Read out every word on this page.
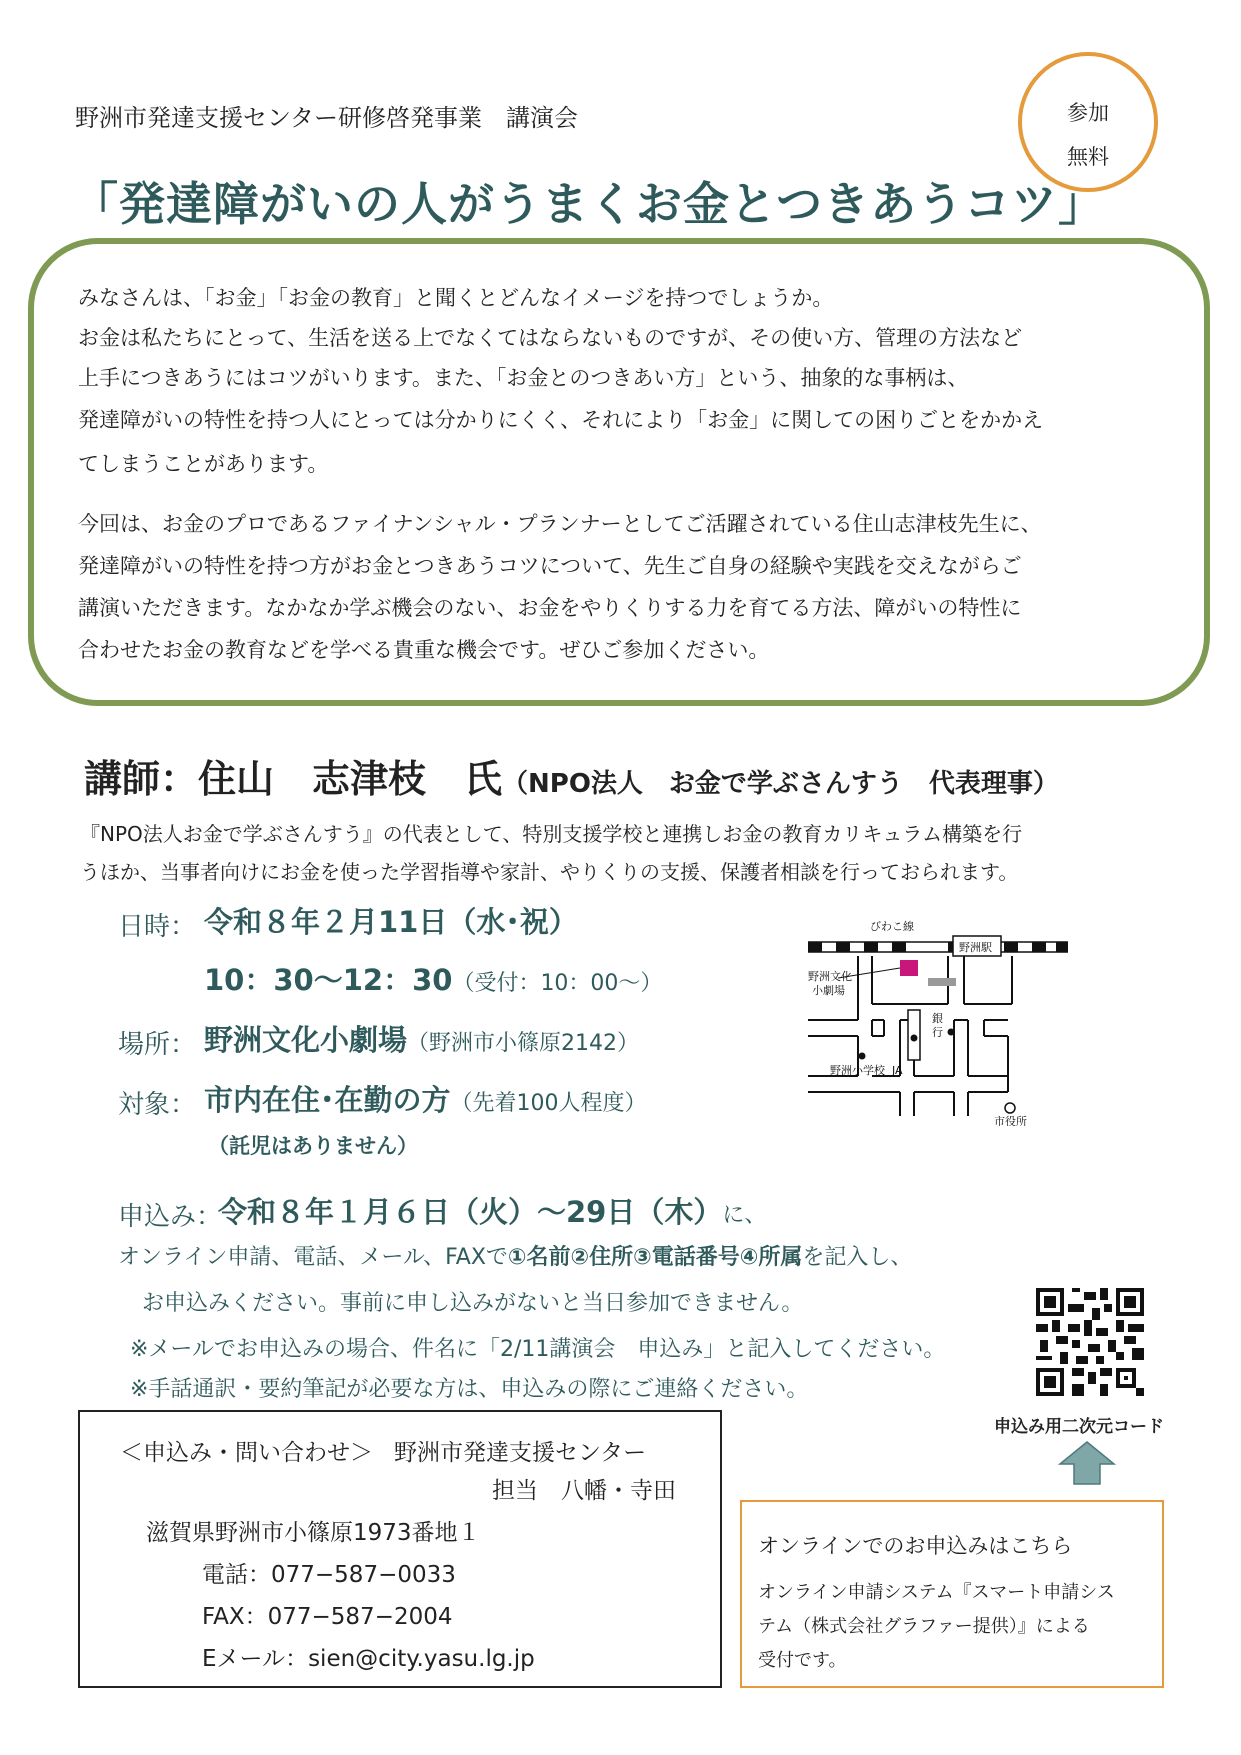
野洲市発達支援センター研修啓発事業　講演会
「発達障がいの人がうまくお金とつきあうコツ」
参加
無料
みなさんは、「お金」「お金の教育」と聞くとどんなイメージを持つでしょうか。
お金は私たちにとって、生活を送る上でなくてはならないものですが、その使い方、管理の方法など
上手につきあうにはコツがいります。また、「お金とのつきあい方」という、抽象的な事柄は、
発達障がいの特性を持つ人にとっては分かりにくく、それにより「お金」に関しての困りごとをかかえ
てしまうことがあります。
今回は、お金のプロであるファイナンシャル・プランナーとしてご活躍されている住山志津枝先生に、
発達障がいの特性を持つ方がお金とつきあうコツについて、先生ご自身の経験や実践を交えながらご
講演いただきます。なかなか学ぶ機会のない、お金をやりくりする力を育てる方法、障がいの特性に
合わせたお金の教育などを学べる貴重な機会です。ぜひご参加ください。
講師：住山　志津枝　氏（NPO法人　お金で学ぶさんすう　代表理事）
『NPO法人お金で学ぶさんすう』の代表として、特別支援学校と連携しお金の教育カリキュラム構築を行
うほか、当事者向けにお金を使った学習指導や家計、やりくりの支援、保護者相談を行っておられます。
日時： 令和８年２月11日（水･祝）
10：30〜12：30（受付：10：00〜）
場所： 野洲文化小劇場（野洲市小篠原2142）
対象： 市内在住･在勤の方（先着100人程度）
（託児はありません）
申込み：
令和８年１月６日（火）〜29日（木）に、
オンライン申請、電話、メール、FAXで①名前②住所③電話番号④所属を記入し、
お申込みください。事前に申し込みがないと当日参加できません。
※メールでお申込みの場合、件名に「2/11講演会　申込み」と記入してください。
※手話通訳・要約筆記が必要な方は、申込みの際にご連絡ください。
びわこ線
野洲駅
野洲文化
小劇場
JA
銀
行
野洲小学校
市役所
申込み用二次元コード
＜申込み・問い合わせ＞ 野洲市発達支援センター
担当　八幡・寺田
滋賀県野洲市小篠原1973番地１
電話：077−587−0033
FAX：077−587−2004
Eメール：sien@city.yasu.lg.jp
オンラインでのお申込みはこちら
オンライン申請システム『スマート申請シス
テム（株式会社グラファー提供）』による
受付です。
